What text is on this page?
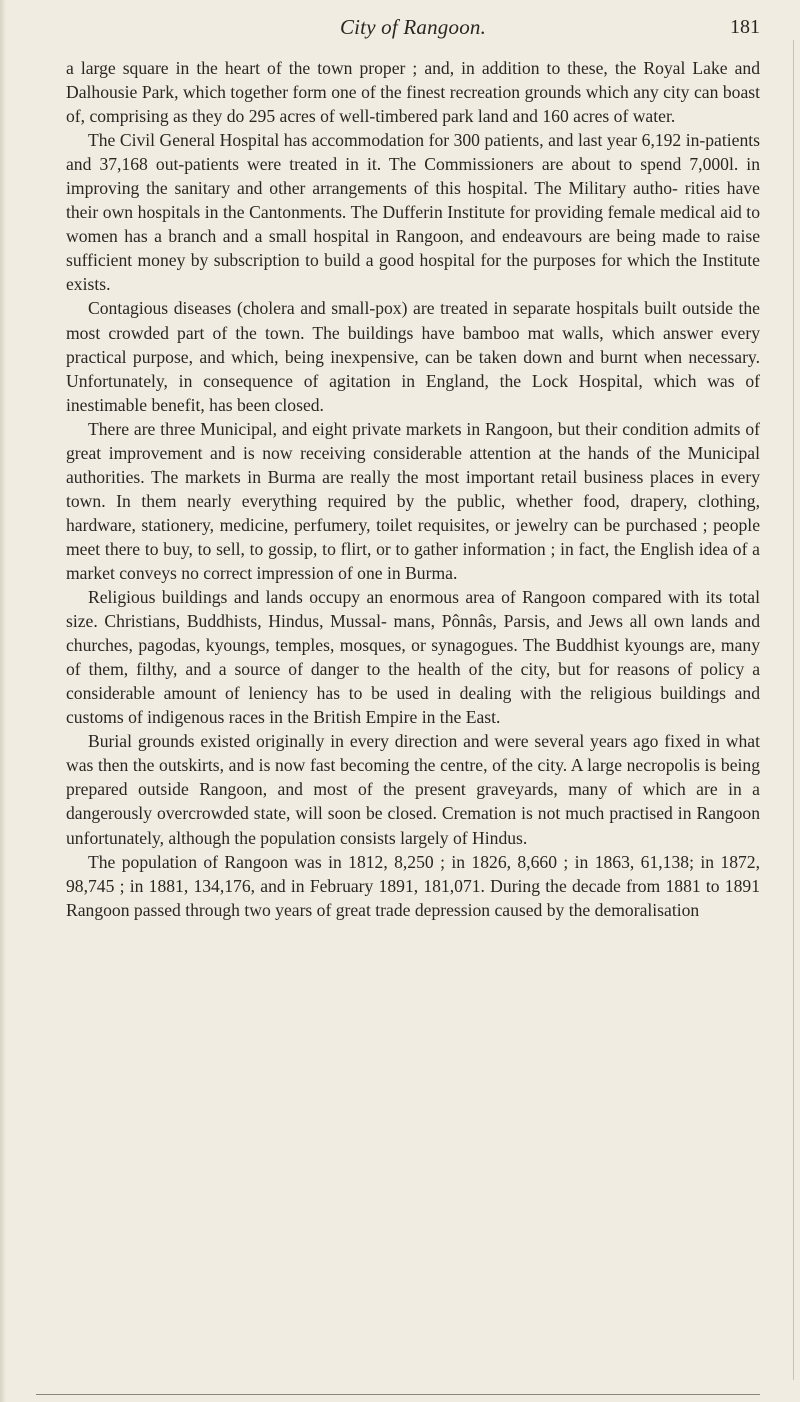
City of Rangoon.	181

a large square in the heart of the town proper ; and, in addition to these, the Royal Lake and Dalhousie Park, which together form one of the finest recreation grounds which any city can boast of, comprising as they do 295 acres of well-timbered park land and 160 acres of water.

The Civil General Hospital has accommodation for 300 patients, and last year 6,192 in-patients and 37,168 out-patients were treated in it. The Commissioners are about to spend 7,000l. in improving the sanitary and other arrangements of this hospital. The Military autho- rities have their own hospitals in the Cantonments. The Dufferin Institute for providing female medical aid to women has a branch and a small hospital in Rangoon, and endeavours are being made to raise sufficient money by subscription to build a good hospital for the purposes for which the Institute exists.

Contagious diseases (cholera and small-pox) are treated in separate hospitals built outside the most crowded part of the town. The buildings have bamboo mat walls, which answer every practical purpose, and which, being inexpensive, can be taken down and burnt when necessary. Unfortunately, in consequence of agitation in England, the Lock Hospital, which was of inestimable benefit, has been closed.

There are three Municipal, and eight private markets in Rangoon, but their condition admits of great improvement and is now receiving considerable attention at the hands of the Municipal authorities. The markets in Burma are really the most important retail business places in every town. In them nearly everything required by the public, whether food, drapery, clothing, hardware, stationery, medicine, perfumery, toilet requisites, or jewelry can be purchased ; people meet there to buy, to sell, to gossip, to flirt, or to gather information ; in fact, the English idea of a market conveys no correct impression of one in Burma.

Religious buildings and lands occupy an enormous area of Rangoon compared with its total size. Christians, Buddhists, Hindus, Mussal- mans, Pônnâs, Parsis, and Jews all own lands and churches, pagodas, kyoungs, temples, mosques, or synagogues. The Buddhist kyoungs are, many of them, filthy, and a source of danger to the health of the city, but for reasons of policy a considerable amount of leniency has to be used in dealing with the religious buildings and customs of indigenous races in the British Empire in the East.

Burial grounds existed originally in every direction and were several years ago fixed in what was then the outskirts, and is now fast becoming the centre, of the city. A large necropolis is being prepared outside Rangoon, and most of the present graveyards, many of which are in a dangerously overcrowded state, will soon be closed. Cremation is not much practised in Rangoon unfortunately, although the population consists largely of Hindus.

The population of Rangoon was in 1812, 8,250 ; in 1826, 8,660 ; in 1863, 61,138; in 1872, 98,745 ; in 1881, 134,176, and in February 1891, 181,071. During the decade from 1881 to 1891 Rangoon passed through two years of great trade depression caused by the demoralisation
